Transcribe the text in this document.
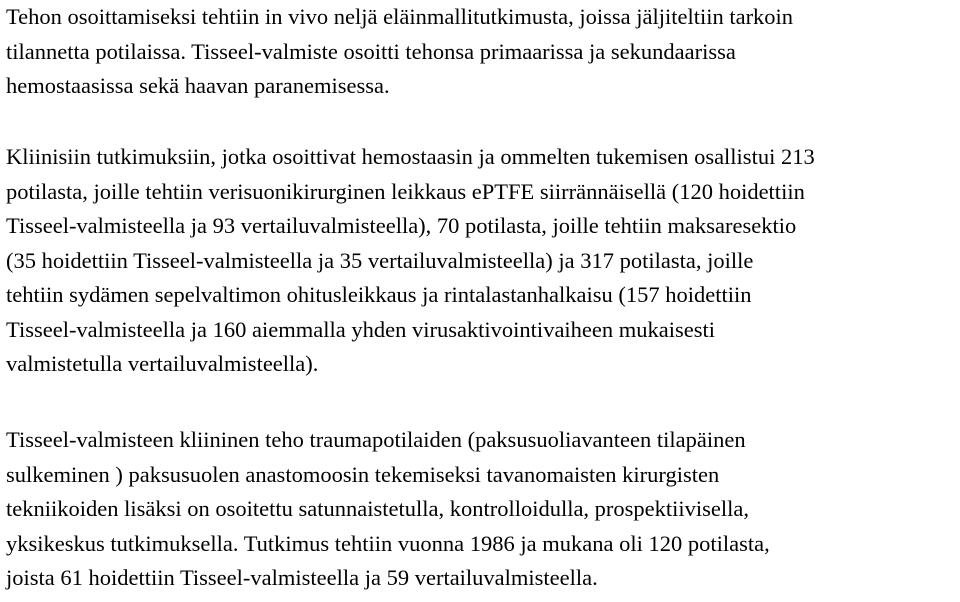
Tehon osoittamiseksi tehtiin in vivo neljä eläinmallitutkimusta, joissa jäljiteltiin tarkoin
tilannetta potilaissa. Tisseel-valmiste osoitti tehonsa primaarissa ja sekundaarissa
hemostaasissa sekä haavan paranemisessa.

Kliinisiin tutkimuksiin, jotka osoittivat hemostaasin ja ommelten tukemisen osallistui 213
potilasta, joille tehtiin verisuonikirurginen leikkaus ePTFE siirrännäisellä (120 hoidettiin
Tisseel-valmisteella ja 93 vertailuvalmisteella), 70 potilasta, joille tehtiin maksaresektio
(35 hoidettiin Tisseel-valmisteella ja 35 vertailuvalmisteella) ja 317 potilasta, joille
tehtiin sydämen sepelvaltimon ohitusleikkaus ja rintalastanhalkaisu (157 hoidettiin
Tisseel-valmisteella ja 160 aiemmalla yhden virusaktivointivaiheen mukaisesti
valmistetulla vertailuvalmisteella).

Tisseel-valmisteen kliininen teho traumapotilaiden (paksusuoliavanteen tilapäinen
sulkeminen ) paksusuolen anastomoosin tekemiseksi tavanomaisten kirurgisten
tekniikoiden lisäksi on osoitettu satunnaistetulla, kontrolloidulla, prospektiivisella,
yksikeskus tutkimuksella. Tutkimus tehtiin vuonna 1986 ja mukana oli 120 potilasta,
joista 61 hoidettiin Tisseel-valmisteella ja 59 vertailuvalmisteella.
